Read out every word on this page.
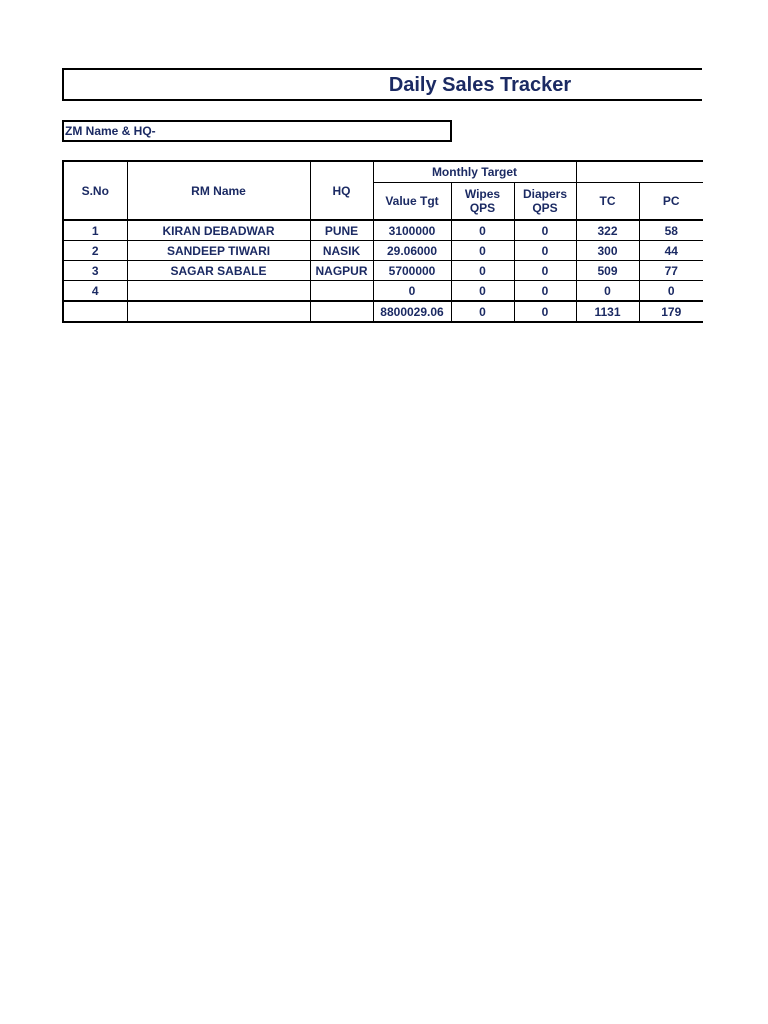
Daily Sales Tracker
ZM Name & HQ-
S.No	RM Name	HQ	Monthly Target				
			Value Tgt	Wipes QPS	Diapers QPS	TC	PC
1	KIRAN DEBADWAR	PUNE	3100000	0	0	322	58
2	SANDEEP TIWARI	NASIK	29.06000	0	0	300	44
3	SAGAR SABALE	NAGPUR	5700000	0	0	509	77
4			0	0	0	0	0
			8800029.06	0	0	1131	179
